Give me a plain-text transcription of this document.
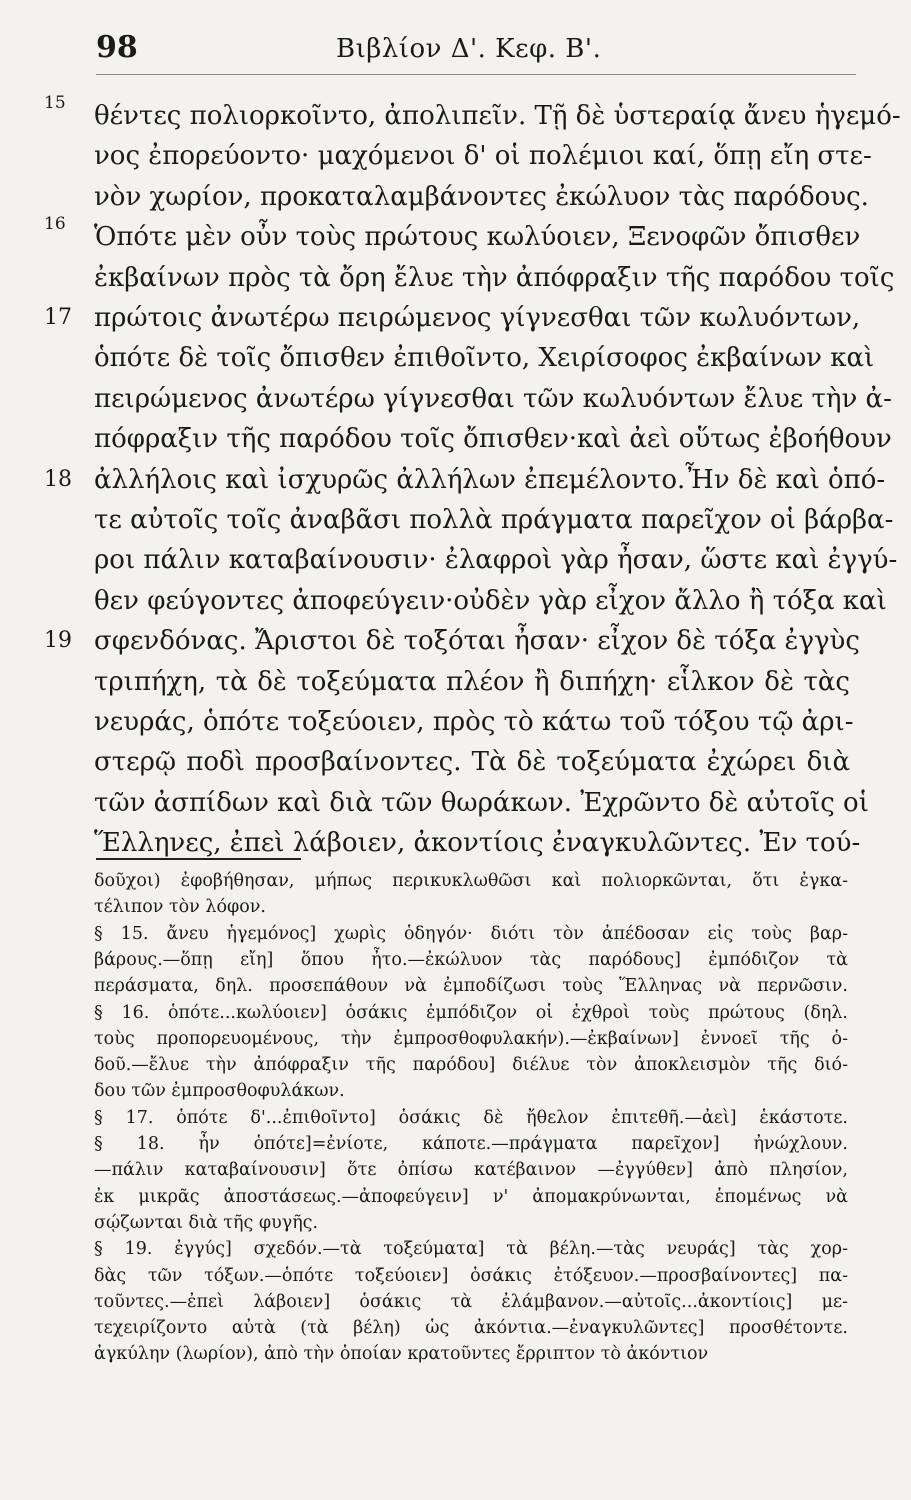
98	Βιβλίον Δ'. Κεφ. Β'.
θέντες πολιορκοῖντο, ἀπολιπεῖν. Τῇ δὲ ὑστεραίᾳ ἄνευ ἡγεμό-
νος ἐπορεύοντο· μαχόμενοι δ' οἱ πολέμιοι καί, ὅπῃ εἴη στε-
νὸν χωρίον, προκαταλαμβάνοντες ἐκώλυον τὰς παρόδους.
Ὁπότε μὲν οὖν τοὺς πρώτους κωλύοιεν, Ξενοφῶν ὄπισθεν
ἐκβαίνων πρὸς τὰ ὄρη ἔλυε τὴν ἀπόφραξιν τῆς παρόδου τοῖς
πρώτοις ἀνωτέρω πειρώμενος γίγνεσθαι τῶν κωλυόντων,
ὁπότε δὲ τοῖς ὄπισθεν ἐπιθοῖντο, Χειρίσοφος ἐκβαίνων καὶ
πειρώμενος ἀνωτέρω γίγνεσθαι τῶν κωλυόντων ἔλυε τὴν ἀ-
πόφραξιν τῆς παρόδου τοῖς ὄπισθεν·καὶ ἀεὶ οὕτως ἐβοήθουν
ἀλλήλοις καὶ ἰσχυρῶς ἀλλήλων ἐπεμέλοντο.Ἦν δὲ καὶ ὁπό-
τε αὐτοῖς τοῖς ἀναβᾶσι πολλὰ πράγματα παρεῖχον οἱ βάρβα-
ροι πάλιν καταβαίνουσιν· ἐλαφροὶ γὰρ ἦσαν, ὥστε καὶ ἐγγύ-
θεν φεύγοντες ἀποφεύγειν·οὐδὲν γὰρ εἶχον ἄλλο ἢ τόξα καὶ
σφενδόνας. Ἄριστοι δὲ τοξόται ἦσαν· εἶχον δὲ τόξα ἐγγὺς
τριπήχη, τὰ δὲ τοξεύματα πλέον ἢ διπήχη· εἷλκον δὲ τὰς
νευράς, ὁπότε τοξεύοιεν, πρὸς τὸ κάτω τοῦ τόξου τῷ ἀρι-
στερῷ ποδὶ προσβαίνοντες. Τὰ δὲ τοξεύματα ἐχώρει διὰ
τῶν ἀσπίδων καὶ διὰ τῶν θωράκων. Ἐχρῶντο δὲ αὐτοῖς οἱ
Ἕλληνες, ἐπεὶ λάβοιεν, ἀκοντίοις ἐναγκυλῶντες. Ἐν τού-
15
16
17
18
19
δοῦχοι) ἐφοβήθησαν, μήπως περικυκλωθῶσι καὶ πολιορκῶνται, ὅτι ἐγκα-
τέλιπον τὸν λόφον.
§ 15. ἄνευ ἡγεμόνος] χωρὶς ὁδηγόν· διότι τὸν ἀπέδοσαν εἰς τοὺς βαρ-
βάρους.—ὅπῃ εἴη] ὅπου ἦτο.—ἐκώλυον τὰς παρόδους] ἐμπόδιζον τὰ
περάσματα, δηλ. προσεπάθουν νὰ ἐμποδίζωσι τοὺς Ἕλληνας νὰ περνῶσιν.
§ 16. ὁπότε...κωλύοιεν] ὁσάκις ἐμπόδιζον οἱ ἐχθροὶ τοὺς πρώτους (δηλ.
τοὺς προπορευομένους, τὴν ἐμπροσθοφυλακήν).—ἐκβαίνων] ἐννοεῖ τῆς ὁ-
δοῦ.—ἔλυε τὴν ἀπόφραξιν τῆς παρόδου] διέλυε τὸν ἀποκλεισμὸν τῆς διό-
δου τῶν ἐμπροσθοφυλάκων.
§ 17. ὁπότε δ'...ἐπιθοῖντο] ὁσάκις δὲ ἤθελον ἐπιτεθῆ.—ἀεὶ] ἑκάστοτε.
§ 18. ἦν ὁπότε]=ἐνίοτε, κάποτε.—πράγματα παρεῖχον] ἠνώχλουν.
—πάλιν καταβαίνουσιν] ὅτε ὀπίσω κατέβαινον —ἐγγύθεν] ἀπὸ πλησίον,
ἐκ μικρᾶς ἀποστάσεως.—ἀποφεύγειν] ν' ἀπομακρύνωνται, ἑπομένως νὰ
σῴζωνται διὰ τῆς φυγῆς.
§ 19. ἐγγύς] σχεδόν.—τὰ τοξεύματα] τὰ βέλη.—τὰς νευράς] τὰς χορ-
δὰς τῶν τόξων.—ὁπότε τοξεύοιεν] ὁσάκις ἐτόξευον.—προσβαίνοντες] πα-
τοῦντες.—ἐπεὶ λάβοιεν] ὁσάκις τὰ ἐλάμβανον.—αὐτοῖς...ἀκοντίοις] με-
τεχειρίζοντο αὐτὰ (τὰ βέλη) ὡς ἀκόντια.—ἐναγκυλῶντες] προσθέτοντε.
ἀγκύλην (λωρίον), ἀπὸ τὴν ὁποίαν κρατοῦντες ἔρριπτον τὸ ἀκόντιον
